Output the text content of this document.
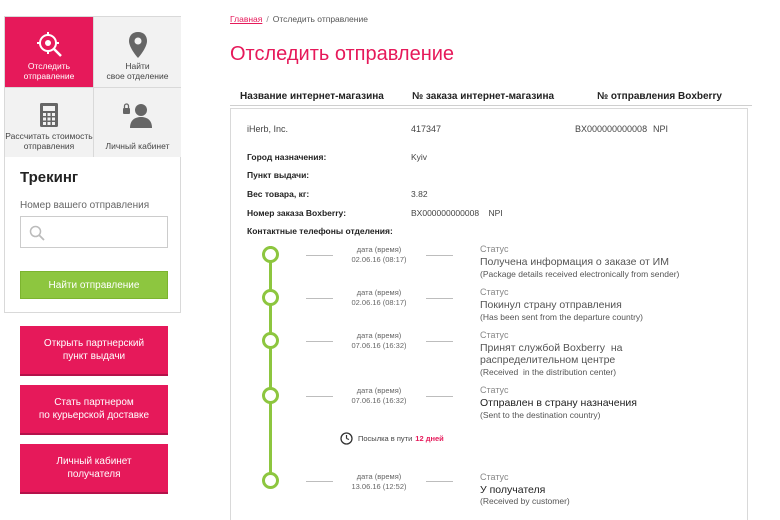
Отследить
отправление
Найти
свое отделение
Рассчитать стоимость
отправления	Личный кабинет
Трекинг
Номер вашего отправления
Найти отправление
Открыть партнерский
пункт выдачи
Стать партнером
по курьерской доставке
Личный кабинет
получателя
Главная / Отследить отправление
Отследить отправление
Название интернет-магазина	№ заказа интернет-магазина	№ отправления Boxberry
iHerb, Inc.	417347	BX000000000008 NPI
Город назначения:	Kyiv
Пункт выдачи:
Вес товара, кг:	3.82
Номер заказа Boxberry:	BX000000000008    NPI
Контактные телефоны отделения:
дата (время)
02.06.16 (08:17)
Статус
Получена информация о заказе от ИМ
(Package details received electronically from sender)
дата (время)
02.06.16 (08:17)
Статус
Покинул страну отправления
(Has been sent from the departure country)
дата (время)
07.06.16 (16:32)
Статус
Принят службой Boxberry  на
распределительном центре
(Received  in the distribution center)
дата (время)
07.06.16 (16:32)
Статус
Отправлен в страну назначения
(Sent to the destination country)
Посылка в пути 12 дней
дата (время)
13.06.16 (12:52)
Статус
У получателя
(Received by customer)
